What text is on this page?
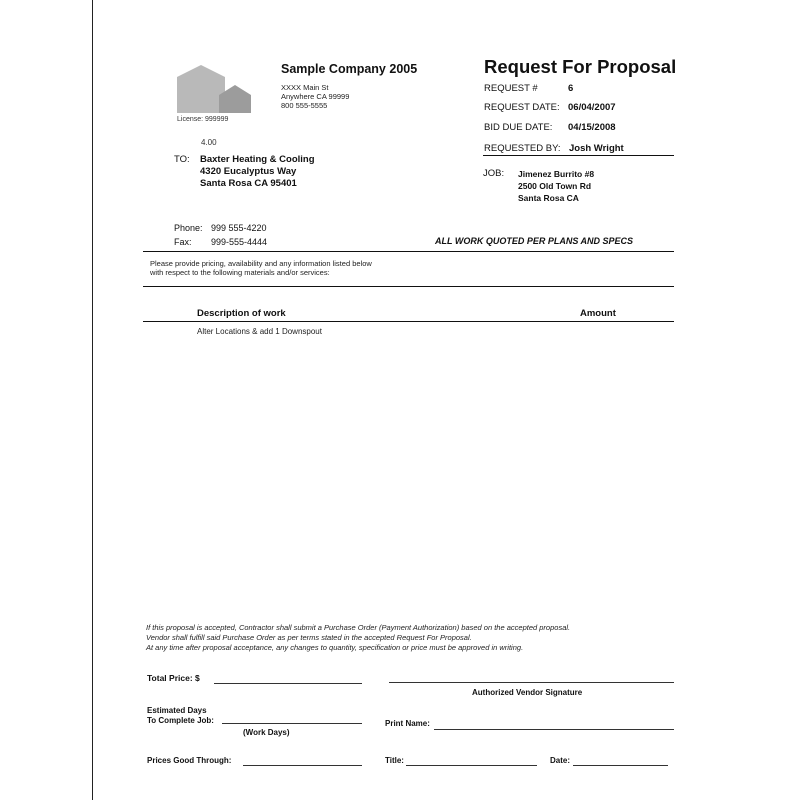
License: 999999
4.00
Sample Company 2005
XXXX Main St
Anywhere CA 99999
800 555-5555
Request For Proposal
REQUEST #	6
REQUEST DATE: 06/04/2007
BID DUE DATE: 04/15/2008
REQUESTED BY: Josh Wright
TO: Baxter Heating & Cooling
4320 Eucalyptus Way
Santa Rosa CA 95401
JOB: Jimenez Burrito #8
2500 Old Town Rd
Santa Rosa CA
Phone: 999 555-4220
Fax: 999-555-4444	ALL WORK QUOTED PER PLANS AND SPECS
Please provide pricing, availability and any information listed below
with respect to the following materials and/or services:
Description of work	Amount
Alter Locations & add 1 Downspout
If this proposal is accepted, Contractor shall submit a Purchase Order (Payment Authorization) based on the accepted proposal.
Vendor shall fulfill said Purchase Order as per terms stated in the accepted Request For Proposal.
At any time after proposal acceptance, any changes to quantity, specification or price must be approved in writing.
Total Price: $
Authorized Vendor Signature
Estimated Days
To Complete Job:
(Work Days)
Print Name:
Prices Good Through:	Title:	Date:
